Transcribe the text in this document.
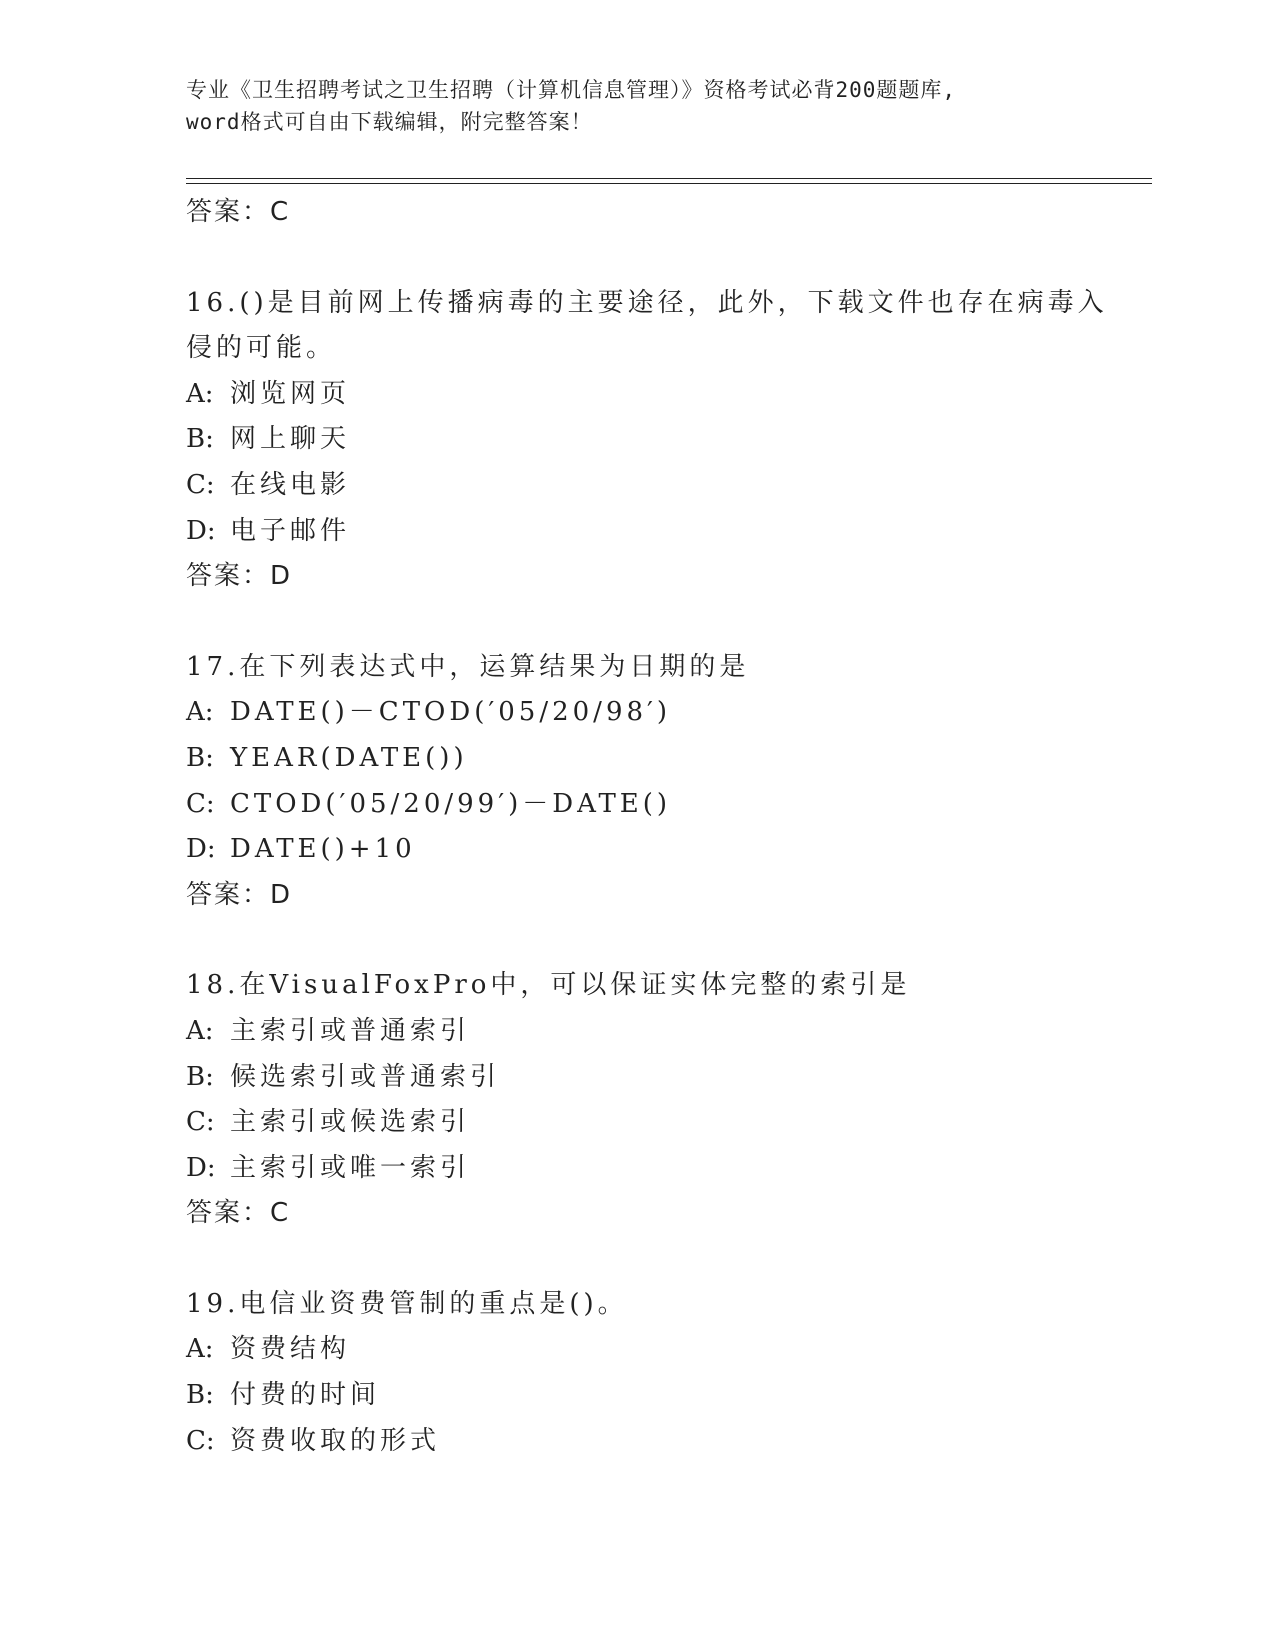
专业《卫生招聘考试之卫生招聘（计算机信息管理）》资格考试必背200题题库,
word格式可自由下载编辑，附完整答案！
答案：C
16.()是目前网上传播病毒的主要途径，此外，下载文件也存在病毒入
侵的可能。
A: 浏览网页
B: 网上聊天
C: 在线电影
D: 电子邮件
答案：D
17.在下列表达式中，运算结果为日期的是
A: DATE()－CTOD(′05/20/98′)
B: YEAR(DATE())
C: CTOD(′05/20/99′)－DATE()
D: DATE()+10
答案：D
18.在VisualFoxPro中，可以保证实体完整的索引是
A: 主索引或普通索引
B: 候选索引或普通索引
C: 主索引或候选索引
D: 主索引或唯一索引
答案：C
19.电信业资费管制的重点是()。
A: 资费结构
B: 付费的时间
C: 资费收取的形式
